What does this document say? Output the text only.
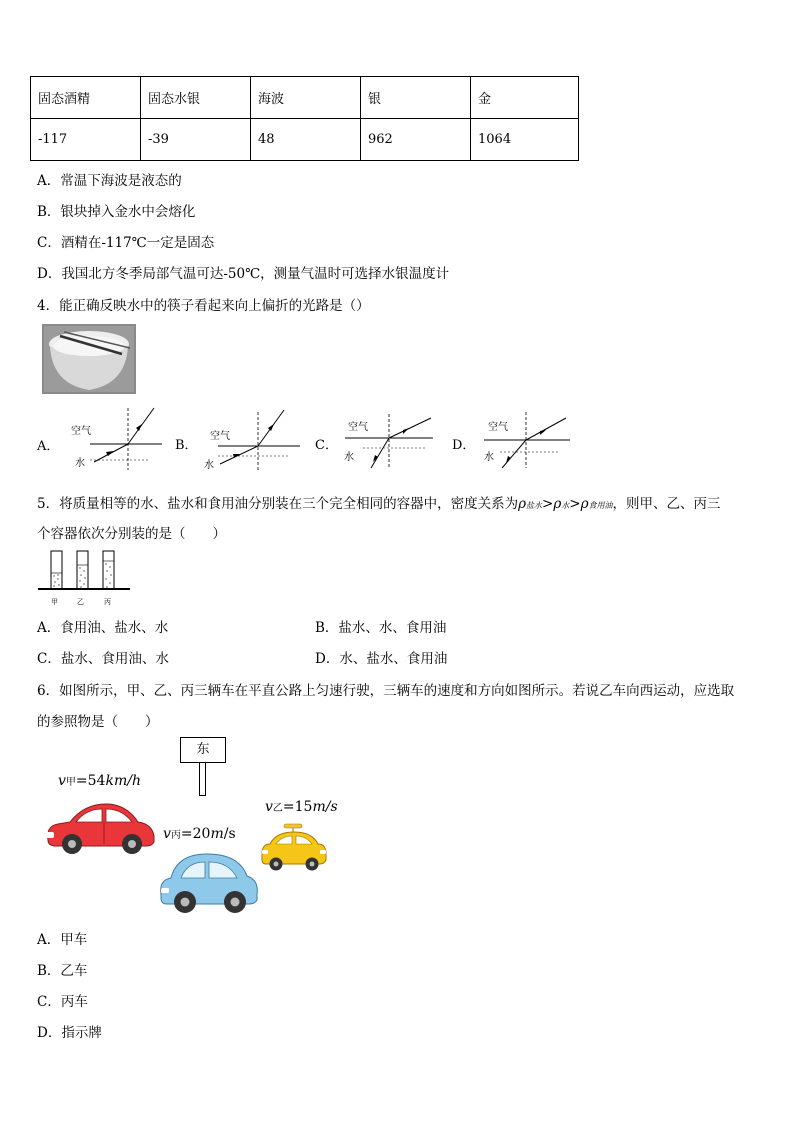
固态酒精	固态水银	海波	银	金
-117	-39	48	962	1064
A．常温下海波是液态的
B．银块掉入金水中会熔化
C．酒精在-117℃一定是固态
D．我国北方冬季局部气温可达-50℃，测量气温时可选择水银温度计
4．能正确反映水中的筷子看起来向上偏折的光路是（）
A．	B．	C．	D．
空气
水
空气
水
空气
水
空气
水
5．将质量相等的水、盐水和食用油分别装在三个完全相同的容器中，密度关系为ρ盐水>ρ水>ρ食用油，则甲、乙、丙三
个容器依次分别装的是（　　）
甲	乙	丙
A．食用油、盐水、水	B．盐水、水、食用油
C．盐水、食用油、水	D．水、盐水、食用油
6．如图所示，甲、乙、丙三辆车在平直公路上匀速行驶，三辆车的速度和方向如图所示。若说乙车向西运动，应选取
的参照物是（　　）
东
v甲=54km/h
v乙=15m/s
v丙=20m/s
A．甲车
B．乙车
C．丙车
D．指示牌
